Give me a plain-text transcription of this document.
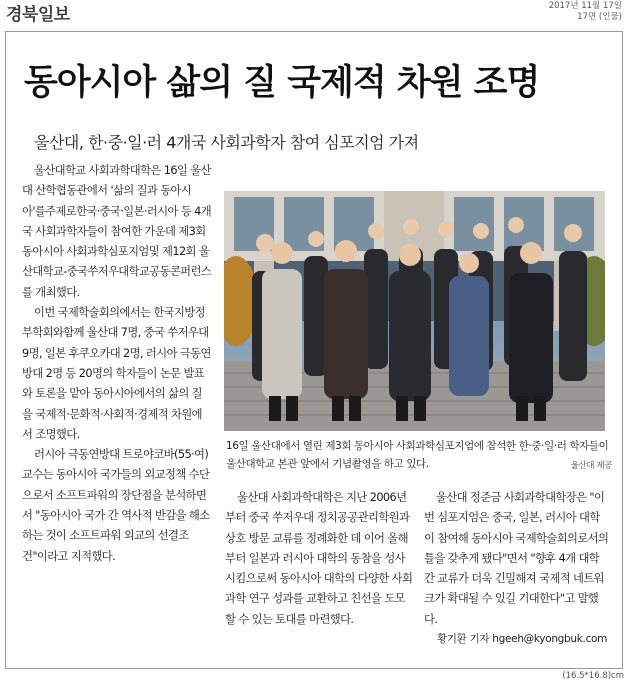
경북일보	2017년 11월 17일
17면 (인물)
동아시아 삶의 질 국제적 차원 조명
울산대, 한·중·일·러 4개국 사회과학자 참여 심포지엄 가져

울산대학교 사회과학대학은 16일 울산대 산학협동관에서 '삶의 질과 동아시아'를주제로한국·중국·일본·러시아 등 4개국 사회과학자들이 참여한 가운데 제3회 동아시아 사회과학심포지엄및 제12회 울산대학교-중국쑤저우대학교공동콘퍼런스를 개최했다.

이번 국제학술회의에서는 한국지방정부학회와함께 울산대 7명, 중국 쑤저우대 9명, 일본 후쿠오카대 2명, 러시아 극동연방대 2명 등 20명의 학자들이 논문 발표와 토론을 맡아 동아시아에서의 삶의 질을 국제적·문화적·사회적·경제적 차원에서 조명했다.

러시아 극동연방대 트로야코바(55·여) 교수는 동아시아 국가들의 외교정책 수단으로서 소프트파워의 장단점을 분석하면서 "동아시아 국가 간 역사적 반감을 해소하는 것이 소프트파워 외교의 선결조건"이라고 지적했다.

16일 울산대에서 열린 제3회 동아시아 사회과학심포지엄에 참석한 한·중·일·러 학자들이 울산대학교 본관 앞에서 기념촬영을 하고 있다.	울산대 제공

울산대 사회과학대학은 지난 2006년부터 중국 쑤저우대 정치공공관리학원과 상호 방문 교류를 정례화한 데 이어 올해부터 일본과 러시아 대학의 동참을 성사시킴으로써 동아시아 대학의 다양한 사회과학 연구 성과를 교환하고 친선을 도모할 수 있는 토대를 마련했다.

울산대 정준금 사회과학대학장은 "이번 심포지엄은 중국, 일본, 러시아 대학이 참여해 동아시아 국제학술회의로서의 틀을 갖추게 됐다"면서 "향후 4개 대학 간 교류가 더욱 긴밀해져 국제적 네트워크가 확대될 수 있길 기대한다"고 말했다.

황기환 기자 hgeeh@kyongbuk.com
(16.5*16.8)cm
